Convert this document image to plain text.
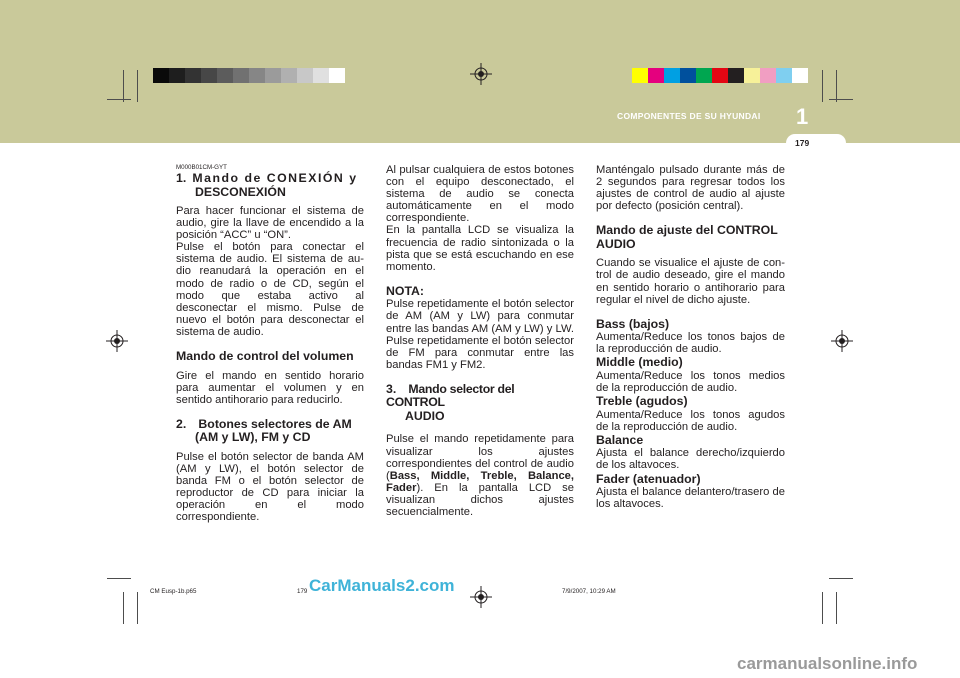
COMPONENTES DE SU HYUNDAI 1
179

M000B01CM-GYT

1. Mando de CONEXIÓN y
DESCONEXIÓN

Para hacer funcionar el sistema de audio, gire la llave de encendido a la posición “ACC” u “ON”.

Pulse el botón para conectar el sistema de audio. El sistema de au-dio reanudará la operación en el modo de radio o de CD, según el modo que estaba activo al desconectar el mismo. Pulse de nuevo el botón para desconectar el sistema de audio.

Mando de control del volumen

Gire el mando en sentido horario para aumentar el volumen y en sentido antihorario para reducirlo.

2. Botones selectores de AM
(AM y LW), FM y CD

Pulse el botón selector de banda AM (AM y LW), el botón selector de banda FM o el botón selector de reproductor de CD para iniciar la operación en el modo correspondiente.

Al pulsar cualquiera de estos botones con el equipo desconectado, el sistema de audio se conecta automáticamente en el modo correspondiente.

En la pantalla LCD se visualiza la frecuencia de radio sintonizada o la pista que se está escuchando en ese momento.

NOTA:

Pulse repetidamente el botón selector de AM (AM y LW) para conmutar entre las bandas AM (AM y LW) y LW. Pulse repetidamente el botón selector de FM para conmutar entre las bandas FM1 y FM2.

3. Mando selector del CONTROL
AUDIO

Pulse el mando repetidamente para visualizar los ajustes correspondientes del control de audio (Bass, Middle, Treble, Balance, Fader). En la pantalla LCD se visualizan dichos ajustes secuencialmente.

Manténgalo pulsado durante más de 2 segundos para regresar todos los ajustes de control de audio al ajuste por defecto (posición central).

Mando de ajuste del CONTROL AUDIO

Cuando se visualice el ajuste de con-trol de audio deseado, gire el mando en sentido horario o antihorario para regular el nivel de dicho ajuste.

Bass (bajos)

Aumenta/Reduce los tonos bajos de la reproducción de audio.

Middle (medio)

Aumenta/Reduce los tonos medios de la reproducción de audio.

Treble (agudos)

Aumenta/Reduce los tonos agudos de la reproducción de audio.

Balance

Ajusta el balance derecho/izquierdo de los altavoces.

Fader (atenuador)

Ajusta el balance delantero/trasero de los altavoces.

CM Eusp-1b.p65	179	7/9/2007, 10:29 AM
CarManuals2.com
carmanualsonline.info
